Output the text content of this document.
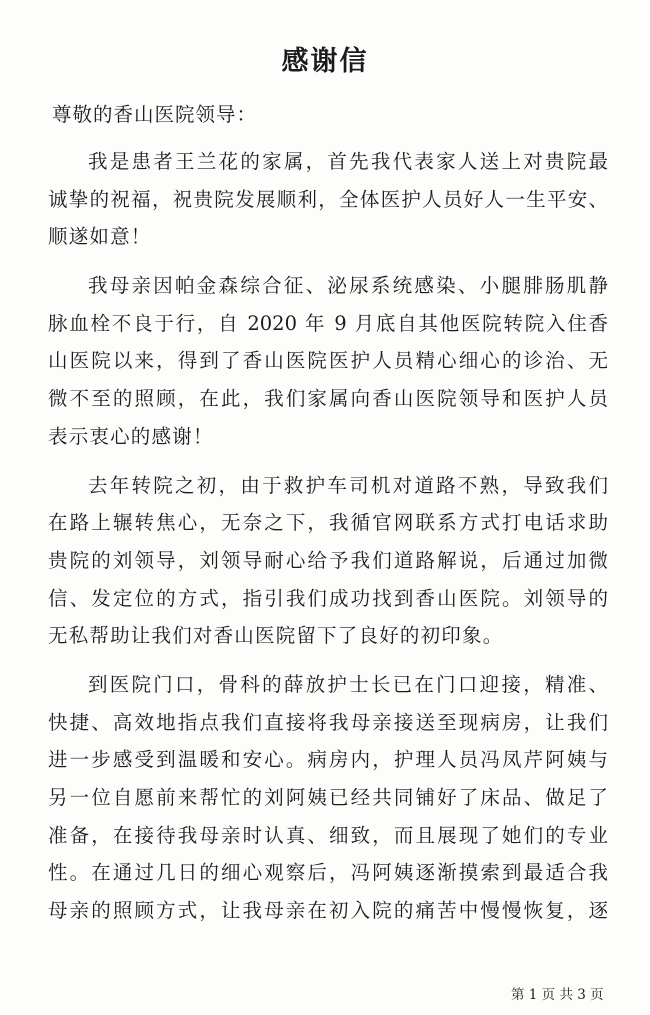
感谢信
尊敬的香山医院领导：
我是患者王兰花的家属，首先我代表家人送上对贵院最
诚挚的祝福，祝贵院发展顺利，全体医护人员好人一生平安、
顺遂如意！
我母亲因帕金森综合征、泌尿系统感染、小腿腓肠肌静
脉血栓不良于行，自 2020 年 9 月底自其他医院转院入住香
山医院以来，得到了香山医院医护人员精心细心的诊治、无
微不至的照顾，在此，我们家属向香山医院领导和医护人员
表示衷心的感谢！
去年转院之初，由于救护车司机对道路不熟，导致我们
在路上辗转焦心，无奈之下，我循官网联系方式打电话求助
贵院的刘领导，刘领导耐心给予我们道路解说，后通过加微
信、发定位的方式，指引我们成功找到香山医院。刘领导的
无私帮助让我们对香山医院留下了良好的初印象。
到医院门口，骨科的薛放护士长已在门口迎接，精准、
快捷、高效地指点我们直接将我母亲接送至现病房，让我们
进一步感受到温暖和安心。病房内，护理人员冯凤芹阿姨与
另一位自愿前来帮忙的刘阿姨已经共同铺好了床品、做足了
准备，在接待我母亲时认真、细致，而且展现了她们的专业
性。在通过几日的细心观察后，冯阿姨逐渐摸索到最适合我
母亲的照顾方式，让我母亲在初入院的痛苦中慢慢恢复，逐
第 1 页 共 3 页
